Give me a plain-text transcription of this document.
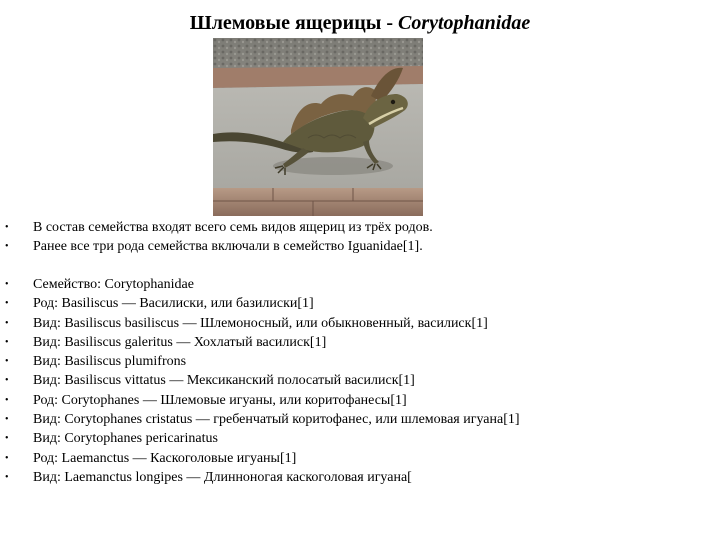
Шлемовые ящерицы - Corytophanidae
• В состав семейства входят всего семь видов ящериц из трёх родов.
• Ранее все три рода семейства включали в семейство Iguanidae[1].
• Семейство: Corytophanidae
• Род: Basiliscus — Василиски, или базилиски[1]
• Вид: Basiliscus basiliscus — Шлемоносный, или обыкновенный, василиск[1]
• Вид: Basiliscus galeritus — Хохлатый василиск[1]
• Вид: Basiliscus plumifrons
• Вид: Basiliscus vittatus — Мексиканский полосатый василиск[1]
• Род: Corytophanes — Шлемовые игуаны, или коритофанесы[1]
• Вид: Corytophanes cristatus — гребенчатый коритофанес, или шлемовая игуана[1]
• Вид: Corytophanes pericarinatus
• Род: Laemanctus — Каскоголовые игуаны[1]
• Вид: Laemanctus longipes — Длинноногая каскоголовая игуана[
